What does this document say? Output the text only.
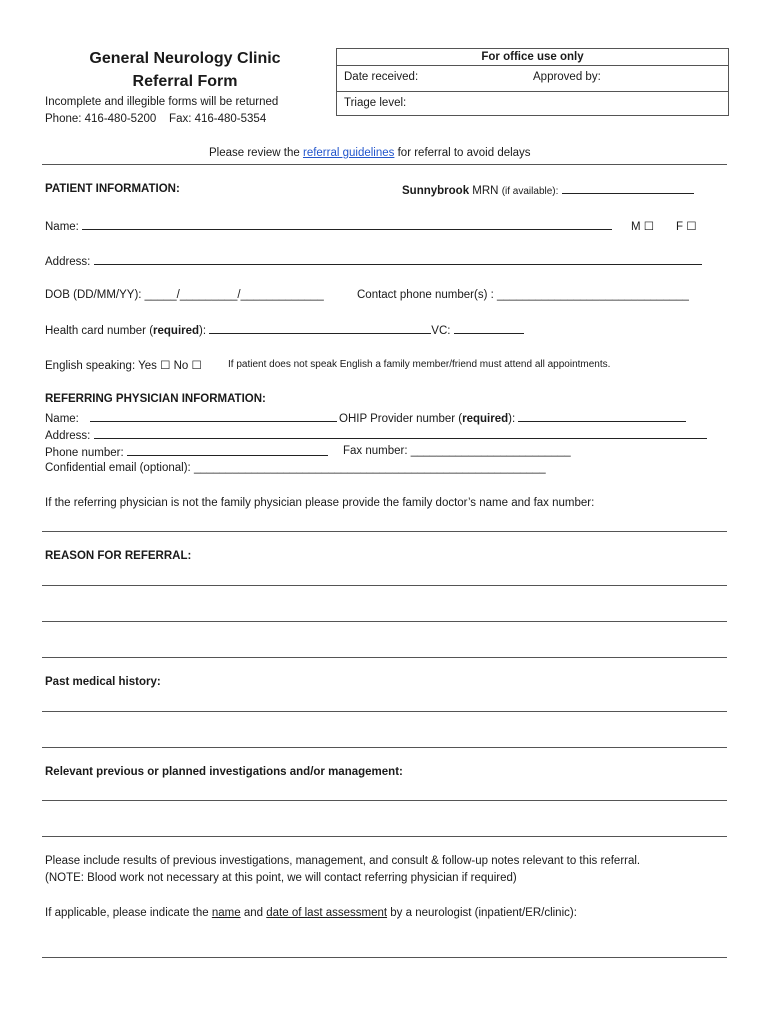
General Neurology Clinic
Referral Form
Incomplete and illegible forms will be returned
Phone: 416-480-5200 Fax: 416-480-5354
For office use only
Date received:	Approved by:
Triage level:
Please review the referral guidelines for referral to avoid delays
PATIENT INFORMATION:	Sunnybrook MRN (if available):
Name:	M ☐ F ☐
Address:
DOB (DD/MM/YY): _____/_________/_____________	Contact phone number(s) : ______________________________
Health card number (required):	VC:
English speaking: Yes ☐ No ☐	If patient does not speak English a family member/friend must attend all appointments.
REFERRING PHYSICIAN INFORMATION:
Name:	OHIP Provider number (required):
Address:
Phone number:	Fax number: _________________________
Confidential email (optional): _______________________________________________________
If the referring physician is not the family physician please provide the family doctor’s name and fax number:
REASON FOR REFERRAL:
Past medical history:
Relevant previous or planned investigations and/or management:
Please include results of previous investigations, management, and consult & follow-up notes relevant to this referral.
(NOTE: Blood work not necessary at this point, we will contact referring physician if required)
If applicable, please indicate the name and date of last assessment by a neurologist (inpatient/ER/clinic):
